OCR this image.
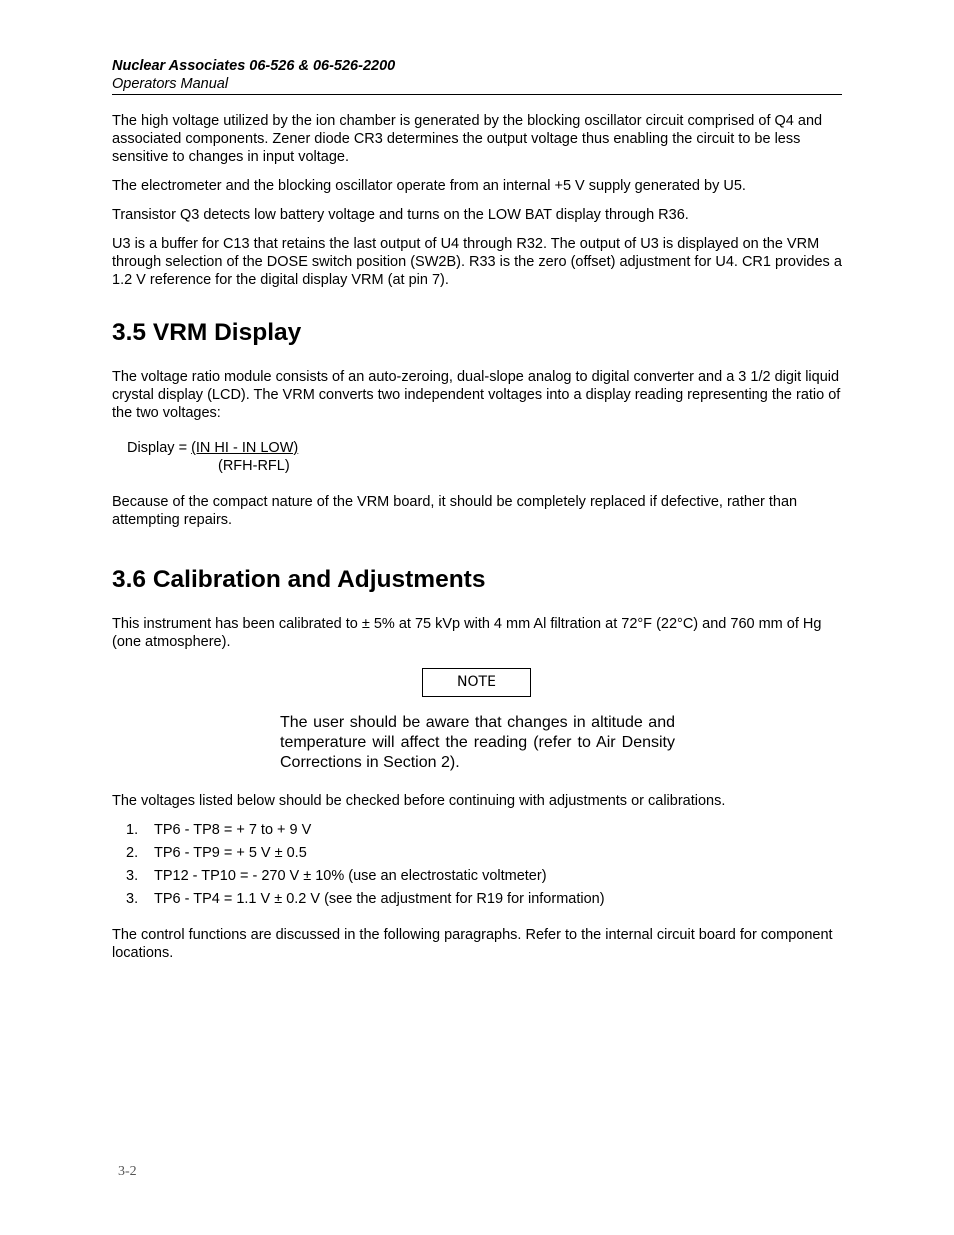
Nuclear Associates 06-526 & 06-526-2200
Operators Manual

The high voltage utilized by the ion chamber is generated by the blocking oscillator circuit comprised of Q4 and associated components. Zener diode CR3 determines the output voltage thus enabling the circuit to be less sensitive to changes in input voltage.

The electrometer and the blocking oscillator operate from an internal +5 V supply generated by U5.

Transistor Q3 detects low battery voltage and turns on the LOW BAT display through R36.

U3 is a buffer for C13 that retains the last output of U4 through R32. The output of U3 is displayed on the VRM through selection of the DOSE switch position (SW2B). R33 is the zero (offset) adjustment for U4. CR1 provides a 1.2 V reference for the digital display VRM (at pin 7).

3.5 VRM Display

The voltage ratio module consists of an auto-zeroing, dual-slope analog to digital converter and a 3 1/2 digit liquid crystal display (LCD). The VRM converts two independent voltages into a display reading representing the ratio of the two voltages:

Display = (IN HI - IN LOW)
(RFH-RFL)

Because of the compact nature of the VRM board, it should be completely replaced if defective, rather than attempting repairs.

3.6 Calibration and Adjustments

This instrument has been calibrated to ± 5% at 75 kVp with 4 mm Al filtration at 72°F (22°C) and 760 mm of Hg (one atmosphere).

NOTE

The user should be aware that changes in altitude and temperature will affect the reading (refer to Air Density Corrections in Section 2).

The voltages listed below should be checked before continuing with adjustments or calibrations.

1.	TP6 - TP8 = + 7 to + 9 V
2.	TP6 - TP9 = + 5 V ± 0.5
3.	TP12 - TP10 = - 270 V ± 10% (use an electrostatic voltmeter)
3.	TP6 - TP4 = 1.1 V ± 0.2 V (see the adjustment for R19 for information)

The control functions are discussed in the following paragraphs. Refer to the internal circuit board for component locations.

3-2
